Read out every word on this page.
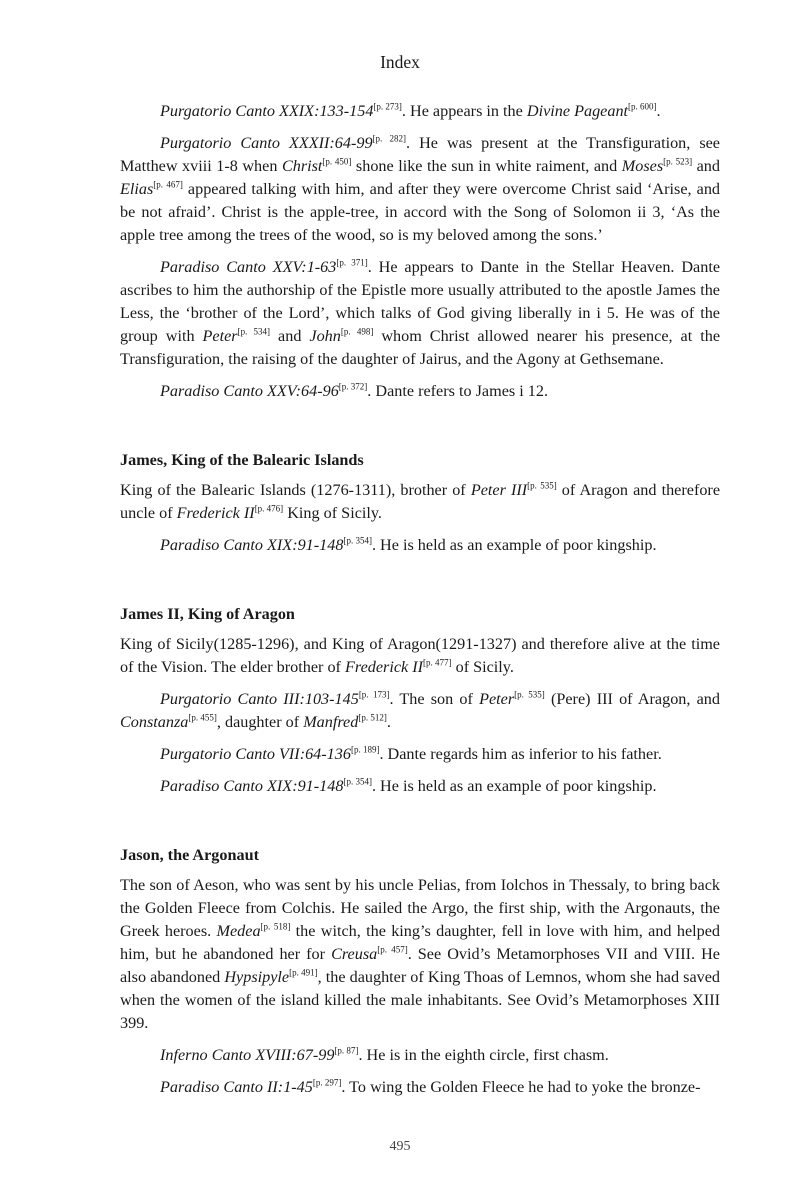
Index

Purgatorio Canto XXIX:133-154[p. 273]. He appears in the Divine Pageant[p. 600].

Purgatorio Canto XXXII:64-99[p. 282]. He was present at the Transfiguration, see Matthew xviii 1-8 when Christ[p. 450] shone like the sun in white raiment, and Moses[p. 523] and Elias[p. 467] appeared talking with him, and after they were overcome Christ said ‘Arise, and be not afraid’. Christ is the apple-tree, in accord with the Song of Solomon ii 3, ‘As the apple tree among the trees of the wood, so is my beloved among the sons.’

Paradiso Canto XXV:1-63[p. 371]. He appears to Dante in the Stellar Heaven. Dante ascribes to him the authorship of the Epistle more usually attributed to the apostle James the Less, the ‘brother of the Lord’, which talks of God giving liberally in i 5. He was of the group with Peter[p. 534] and John[p. 498] whom Christ allowed nearer his presence, at the Transfiguration, the raising of the daughter of Jairus, and the Agony at Gethsemane.

Paradiso Canto XXV:64-96[p. 372]. Dante refers to James i 12.

James, King of the Balearic Islands

King of the Balearic Islands (1276-1311), brother of Peter III[p. 535] of Aragon and therefore uncle of Frederick II[p. 476] King of Sicily.

Paradiso Canto XIX:91-148[p. 354]. He is held as an example of poor kingship.

James II, King of Aragon

King of Sicily(1285-1296), and King of Aragon(1291-1327) and therefore alive at the time of the Vision. The elder brother of Frederick II[p. 477] of Sicily.

Purgatorio Canto III:103-145[p. 173]. The son of Peter[p. 535] (Pere) III of Aragon, and Constanza[p. 455], daughter of Manfred[p. 512].

Purgatorio Canto VII:64-136[p. 189]. Dante regards him as inferior to his father.

Paradiso Canto XIX:91-148[p. 354]. He is held as an example of poor kingship.

Jason, the Argonaut

The son of Aeson, who was sent by his uncle Pelias, from Iolchos in Thessaly, to bring back the Golden Fleece from Colchis. He sailed the Argo, the first ship, with the Argonauts, the Greek heroes. Medea[p. 518] the witch, the king’s daughter, fell in love with him, and helped him, but he abandoned her for Creusa[p. 457]. See Ovid’s Metamorphoses VII and VIII. He also abandoned Hypsipyle[p. 491], the daughter of King Thoas of Lemnos, whom she had saved when the women of the island killed the male inhabitants. See Ovid’s Metamorphoses XIII 399.

Inferno Canto XVIII:67-99[p. 87]. He is in the eighth circle, first chasm.

Paradiso Canto II:1-45[p. 297]. To wing the Golden Fleece he had to yoke the bronze-

495
